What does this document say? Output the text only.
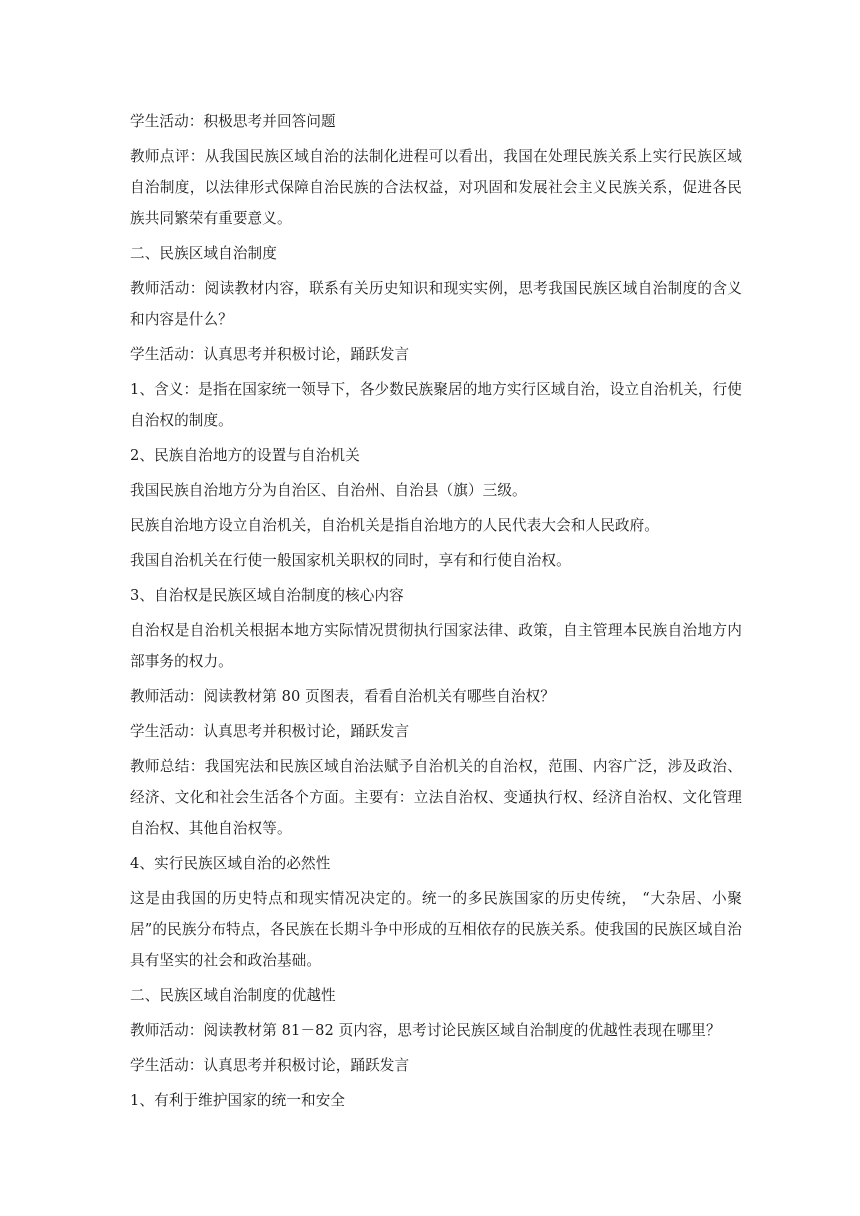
学生活动：积极思考并回答问题

教师点评：从我国民族区域自治的法制化进程可以看出，我国在处理民族关系上实行民族区域自治制度，以法律形式保障自治民族的合法权益，对巩固和发展社会主义民族关系，促进各民族共同繁荣有重要意义。

二、民族区域自治制度

教师活动：阅读教材内容，联系有关历史知识和现实实例，思考我国民族区域自治制度的含义和内容是什么？

学生活动：认真思考并积极讨论，踊跃发言

1、含义：是指在国家统一领导下，各少数民族聚居的地方实行区域自治，设立自治机关，行使自治权的制度。

2、民族自治地方的设置与自治机关

我国民族自治地方分为自治区、自治州、自治县（旗）三级。

民族自治地方设立自治机关，自治机关是指自治地方的人民代表大会和人民政府。

我国自治机关在行使一般国家机关职权的同时，享有和行使自治权。

3、自治权是民族区域自治制度的核心内容

自治权是自治机关根据本地方实际情况贯彻执行国家法律、政策，自主管理本民族自治地方内部事务的权力。

教师活动：阅读教材第 80 页图表，看看自治机关有哪些自治权？

学生活动：认真思考并积极讨论，踊跃发言

教师总结：我国宪法和民族区域自治法赋予自治机关的自治权，范围、内容广泛，涉及政治、经济、文化和社会生活各个方面。主要有：立法自治权、变通执行权、经济自治权、文化管理自治权、其他自治权等。

4、实行民族区域自治的必然性

这是由我国的历史特点和现实情况决定的。统一的多民族国家的历史传统， “大杂居、小聚居”的民族分布特点，各民族在长期斗争中形成的互相依存的民族关系。使我国的民族区域自治具有坚实的社会和政治基础。

二、民族区域自治制度的优越性

教师活动：阅读教材第 81－82 页内容，思考讨论民族区域自治制度的优越性表现在哪里？

学生活动：认真思考并积极讨论，踊跃发言

1、有利于维护国家的统一和安全
